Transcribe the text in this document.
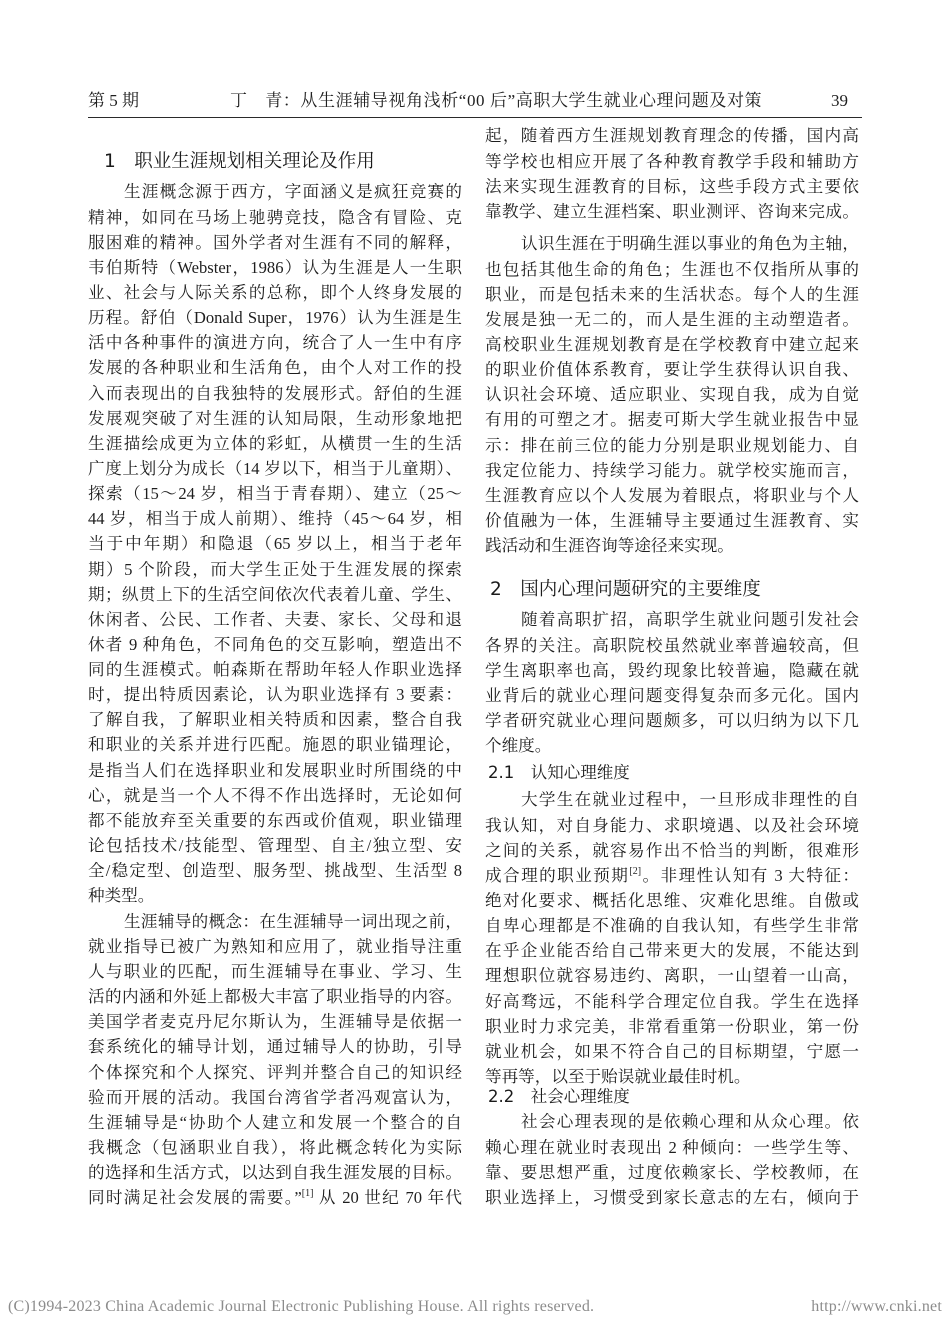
第 5 期	丁　青：从生涯辅导视角浅析“00 后”高职大学生就业心理问题及对策	39
1　职业生涯规划相关理论及作用
生涯概念源于西方，字面涵义是疯狂竞赛的
精神，如同在马场上驰骋竞技，隐含有冒险、克
服困难的精神。国外学者对生涯有不同的解释，
韦伯斯特（Webster，1986）认为生涯是人一生职
业、社会与人际关系的总称，即个人终身发展的
历程。舒伯（Donald Super，1976）认为生涯是生
活中各种事件的演进方向，统合了人一生中有序
发展的各种职业和生活角色，由个人对工作的投
入而表现出的自我独特的发展形式。舒伯的生涯
发展观突破了对生涯的认知局限，生动形象地把
生涯描绘成更为立体的彩虹，从横贯一生的生活
广度上划分为成长（14 岁以下，相当于儿童期）、
探索（15～24 岁，相当于青春期）、建立（25～
44 岁，相当于成人前期）、维持（45～64 岁，相
当于中年期）和隐退（65 岁以上，相当于老年
期）5 个阶段，而大学生正处于生涯发展的探索
期；纵贯上下的生活空间依次代表着儿童、学生、
休闲者、公民、工作者、夫妻、家长、父母和退
休者 9 种角色，不同角色的交互影响，塑造出不
同的生涯模式。帕森斯在帮助年轻人作职业选择
时，提出特质因素论，认为职业选择有 3 要素：
了解自我，了解职业相关特质和因素，整合自我
和职业的关系并进行匹配。施恩的职业锚理论，
是指当人们在选择职业和发展职业时所围绕的中
心，就是当一个人不得不作出选择时，无论如何
都不能放弃至关重要的东西或价值观，职业锚理
论包括技术/技能型、管理型、自主/独立型、安
全/稳定型、创造型、服务型、挑战型、生活型 8
种类型。
生涯辅导的概念：在生涯辅导一词出现之前，
就业指导已被广为熟知和应用了，就业指导注重
人与职业的匹配，而生涯辅导在事业、学习、生
活的内涵和外延上都极大丰富了职业指导的内容。
美国学者麦克丹尼尔斯认为，生涯辅导是依据一
套系统化的辅导计划，通过辅导人的协助，引导
个体探究和个人探究、评判并整合自己的知识经
验而开展的活动。我国台湾省学者冯观富认为，
生涯辅导是“协助个人建立和发展一个整合的自
我概念（包涵职业自我），将此概念转化为实际
的选择和生活方式，以达到自我生涯发展的目标。
同时满足社会发展的需要。”[1] 从 20 世纪 70 年代
起，随着西方生涯规划教育理念的传播，国内高
等学校也相应开展了各种教育教学手段和辅助方
法来实现生涯教育的目标，这些手段方式主要依
靠教学、建立生涯档案、职业测评、咨询来完成。
认识生涯在于明确生涯以事业的角色为主轴，
也包括其他生命的角色；生涯也不仅指所从事的
职业，而是包括未来的生活状态。每个人的生涯
发展是独一无二的，而人是生涯的主动塑造者。
高校职业生涯规划教育是在学校教育中建立起来
的职业价值体系教育，要让学生获得认识自我、
认识社会环境、适应职业、实现自我，成为自觉
有用的可塑之才。据麦可斯大学生就业报告中显
示：排在前三位的能力分别是职业规划能力、自
我定位能力、持续学习能力。就学校实施而言，
生涯教育应以个人发展为着眼点，将职业与个人
价值融为一体，生涯辅导主要通过生涯教育、实
践活动和生涯咨询等途径来实现。
2　国内心理问题研究的主要维度
随着高职扩招，高职学生就业问题引发社会
各界的关注。高职院校虽然就业率普遍较高，但
学生离职率也高，毁约现象比较普遍，隐藏在就
业背后的就业心理问题变得复杂而多元化。国内
学者研究就业心理问题颇多，可以归纳为以下几
个维度。
2.1　认知心理维度
大学生在就业过程中，一旦形成非理性的自
我认知，对自身能力、求职境遇、以及社会环境
之间的关系，就容易作出不恰当的判断，很难形
成合理的职业预期[2]。非理性认知有 3 大特征：
绝对化要求、概括化思维、灾难化思维。自傲或
自卑心理都是不准确的自我认知，有些学生非常
在乎企业能否给自己带来更大的发展，不能达到
理想职位就容易违约、离职，一山望着一山高，
好高骛远，不能科学合理定位自我。学生在选择
职业时力求完美，非常看重第一份职业，第一份
就业机会，如果不符合自己的目标期望，宁愿一
等再等，以至于贻误就业最佳时机。
2.2　社会心理维度
社会心理表现的是依赖心理和从众心理。依
赖心理在就业时表现出 2 种倾向：一些学生等、
靠、要思想严重，过度依赖家长、学校教师，在
职业选择上，习惯受到家长意志的左右，倾向于
(C)1994-2023 China Academic Journal Electronic Publishing House. All rights reserved.	http://www.cnki.net
